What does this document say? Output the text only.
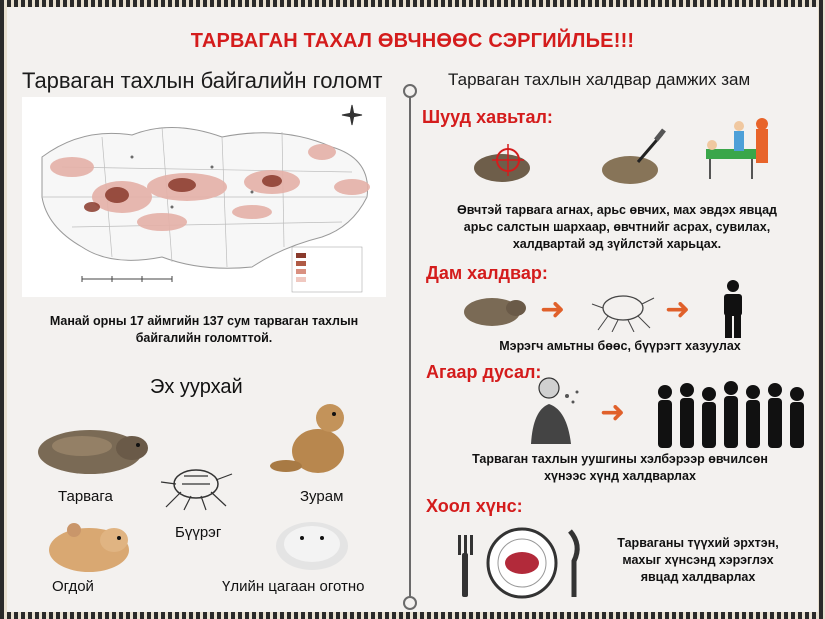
ТАРВАГАН ТАХАЛ ӨВЧНӨӨС СЭРГИЙЛЬЕ!!!
Тарваган тахлын байгалийн голомт	Тарваган тахлын халдвар дамжих зам
Манай орны 17 аймгийн 137 сум тарваган тахлын
байгалийн голомттой.
Эх уурхай
Тарвага
Бүүрэг
Зурам
Огдой	Үлийн цагаан оготно
Шууд хавьтал:
Өвчтэй тарвага агнах, арьс өвчих, мах эвдэх явцад
арьс салстын шархаар, өвчтнийг асрах, сувилах,
халдвартай эд зүйлстэй харьцах.
Дам халдвар:
➜	➜
Мэрэгч амьтны бөөс, бүүрэгт хазуулах
Агаар дусал:
➜
Тарваган тахлын уушгины хэлбэрээр өвчилсөн
хүнээс хүнд халдварлах
Хоол хүнс:
Тарваганы түүхий эрхтэн,
махыг хүнсэнд хэрэглэх
явцад халдварлах
